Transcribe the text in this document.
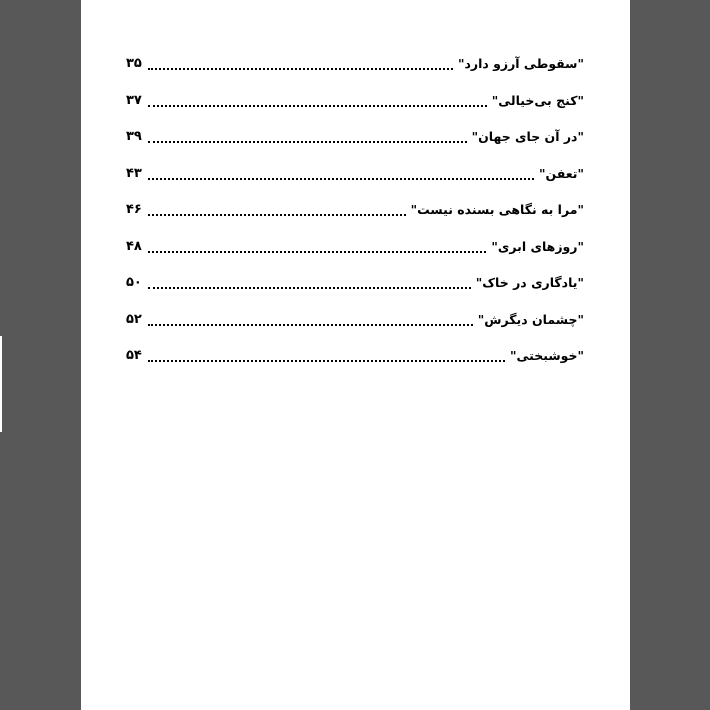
"سقوطی آرزو دارد"
۳۵
"کنج بی‌خیالی"
۳۷
"در آن جای جهان"
۳۹
"تعفن"
۴۳
"مرا به نگاهی بسنده نیست"
۴۶
"روزهای ابری"
۴۸
"یادگاری در خاک"
۵۰
"چشمان دیگرش"
۵۲
"خوشبختی"
۵۴
